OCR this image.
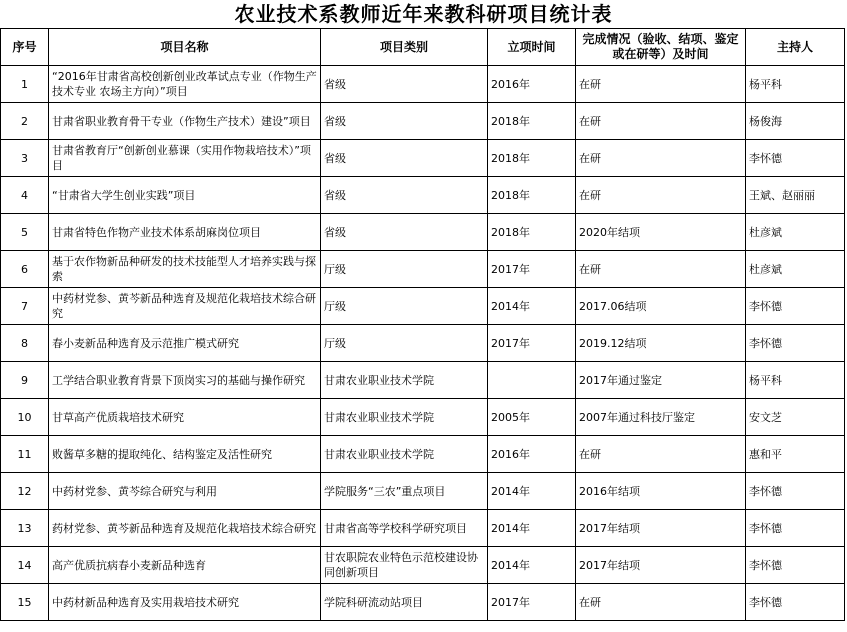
农业技术系教师近年来教科研项目统计表
序号	项目名称	项目类别	立项时间	完成情况（验收、结项、鉴定或在研等）及时间	主持人
1	“2016年甘肃省高校创新创业改革试点专业（作物生产技术专业 农场主方向）”项目	省级	2016年	在研	杨平科
2	甘肃省职业教育骨干专业（作物生产技术）建设”项目	省级	2018年	在研	杨俊海
3	甘肃省教育厅“创新创业慕课（实用作物栽培技术）”项目	省级	2018年	在研	李怀德
4	“甘肃省大学生创业实践”项目	省级	2018年	在研	王斌、赵丽丽
5	甘肃省特色作物产业技术体系胡麻岗位项目	省级	2018年	2020年结项	杜彦斌
6	基于农作物新品种研发的技术技能型人才培养实践与探索	厅级	2017年	在研	杜彦斌
7	中药材党参、黄芩新品种选育及规范化栽培技术综合研究	厅级	2014年	2017.06结项	李怀德
8	春小麦新品种选育及示范推广模式研究	厅级	2017年	2019.12结项	李怀德
9	工学结合职业教育背景下顶岗实习的基础与操作研究	甘肃农业职业技术学院		2017年通过鉴定	杨平科
10	甘草高产优质栽培技术研究	甘肃农业职业技术学院	2005年	2007年通过科技厅鉴定	安文芝
11	败酱草多糖的提取纯化、结构鉴定及活性研究	甘肃农业职业技术学院	2016年	在研	惠和平
12	中药材党参、黄芩综合研究与利用	学院服务“三农”重点项目	2014年	2016年结项	李怀德
13	药材党参、黄芩新品种选育及规范化栽培技术综合研究	甘肃省高等学校科学研究项目	2014年	2017年结项	李怀德
14	高产优质抗病春小麦新品种选育	甘农职院农业特色示范校建设协同创新项目	2014年	2017年结项	李怀德
15	中药材新品种选育及实用栽培技术研究	学院科研流动站项目	2017年	在研	李怀德
